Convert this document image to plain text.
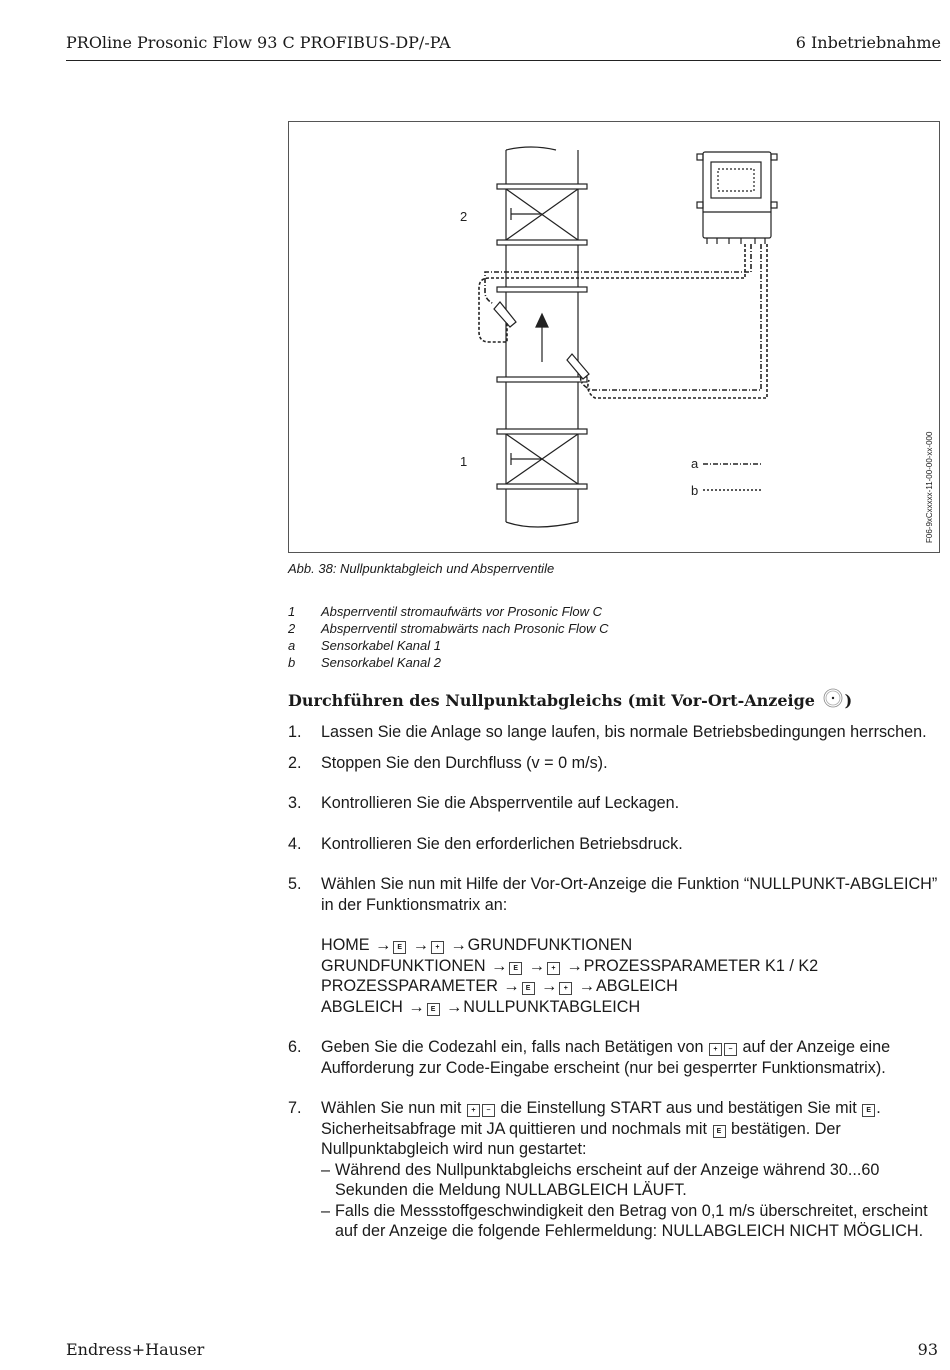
PROline Prosonic Flow 93 C PROFIBUS-DP/-PA	6 Inbetriebnahme
2
1	a
b	F06-9xCxxxxx-11-00-00-xx-000
Abb. 38: Nullpunktabgleich und Absperrventile
1	Absperrventil stromaufwärts vor Prosonic Flow C
2	Absperrventil stromabwärts nach Prosonic Flow C
a	Sensorkabel Kanal 1
b	Sensorkabel Kanal 2
Durchführen des Nullpunktabgleichs (mit Vor-Ort-Anzeige )
1. Lassen Sie die Anlage so lange laufen, bis normale Betriebsbedingungen herrschen.
2. Stoppen Sie den Durchfluss (v = 0 m/s).
3. Kontrollieren Sie die Absperrventile auf Leckagen.
4. Kontrollieren Sie den erforderlichen Betriebsdruck.
5. Wählen Sie nun mit Hilfe der Vor-Ort-Anzeige die Funktion “NULLPUNKT-ABGLEICH” in der Funktionsmatrix an:
HOME → E → + →GRUNDFUNKTIONEN
GRUNDFUNKTIONEN → E → + →PROZESSPARAMETER K1 / K2
PROZESSPARAMETER → E → + →ABGLEICH
ABGLEICH → E →NULLPUNKTABGLEICH
6. Geben Sie die Codezahl ein, falls nach Betätigen von + − auf der Anzeige eine Aufforderung zur Code-Eingabe erscheint (nur bei gesperrter Funktionsmatrix).
7. Wählen Sie nun mit + − die Einstellung START aus und bestätigen Sie mit E . Sicherheitsabfrage mit JA quittieren und nochmals mit E bestätigen. Der Nullpunktabgleich wird nun gestartet:
– Während des Nullpunktabgleichs erscheint auf der Anzeige während 30...60 Sekunden die Meldung NULLABGLEICH LÄUFT.
– Falls die Messstoffgeschwindigkeit den Betrag von 0,1 m/s überschreitet, erscheint auf der Anzeige die folgende Fehlermeldung: NULLABGLEICH NICHT MÖGLICH.
Endress+Hauser	93
